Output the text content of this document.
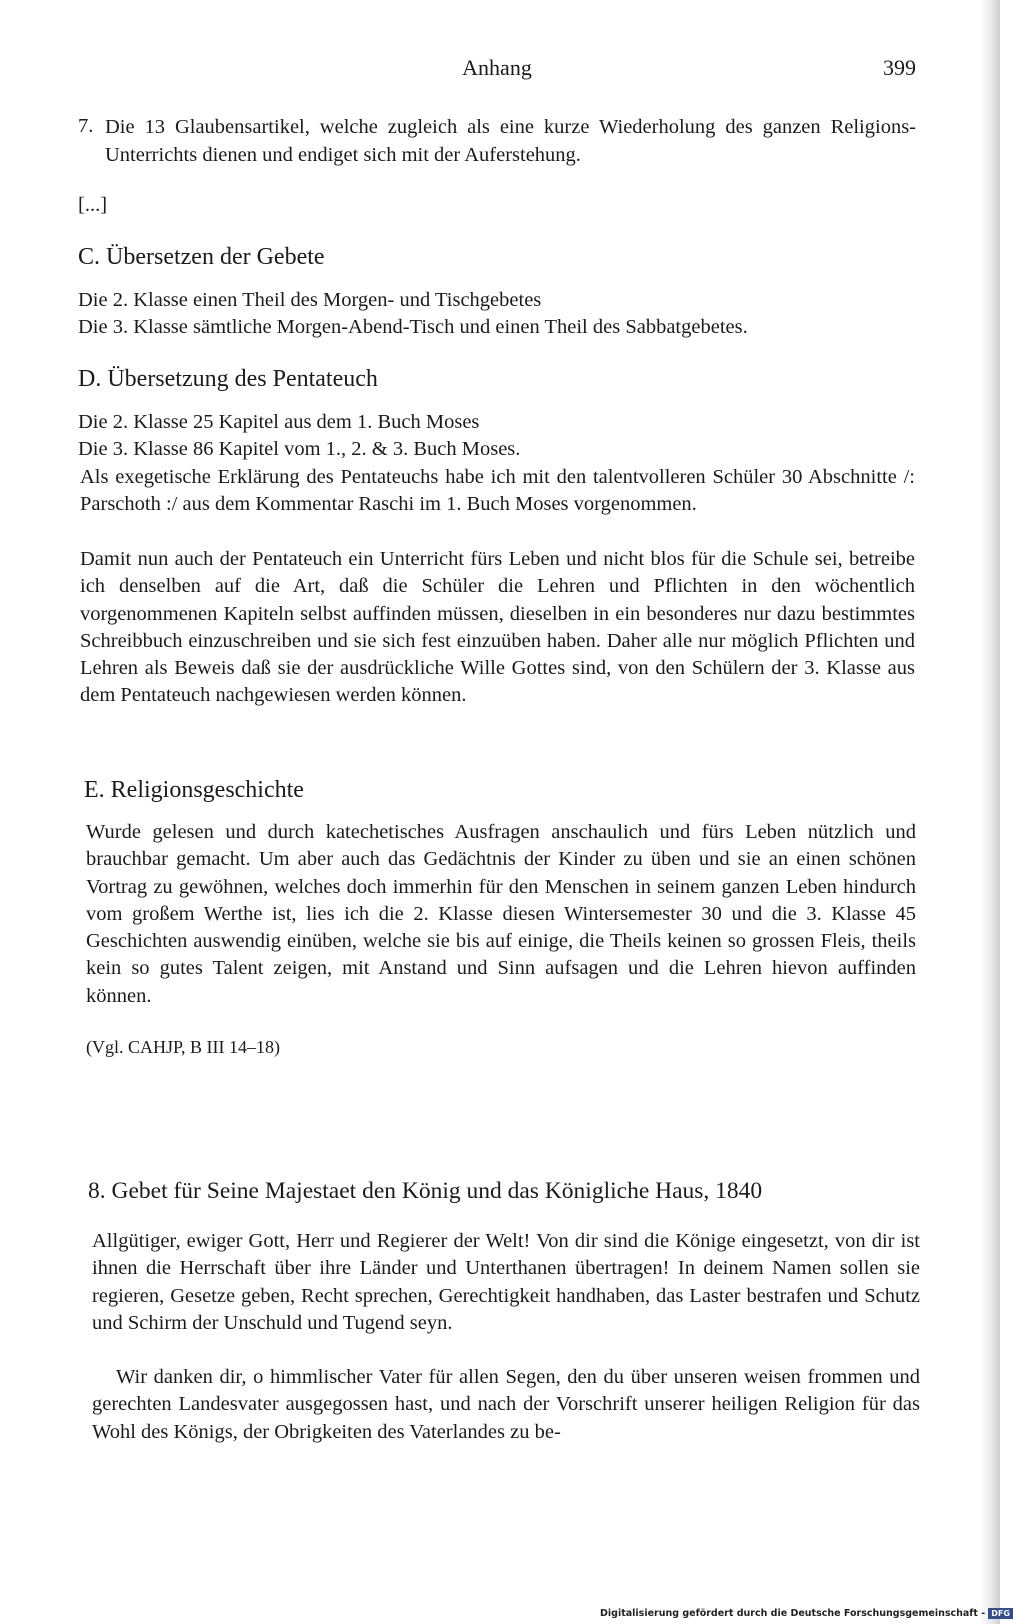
Anhang	399
7. Die 13 Glaubensartikel, welche zugleich als eine kurze Wiederholung des ganzen Religions-Unterrichts dienen und endiget sich mit der Auferstehung.
[...]
C. Übersetzen der Gebete
Die 2. Klasse einen Theil des Morgen- und Tischgebetes
Die 3. Klasse sämtliche Morgen-Abend-Tisch und einen Theil des Sabbatgebetes.
D. Übersetzung des Pentateuch
Die 2. Klasse 25 Kapitel aus dem 1. Buch Moses
Die 3. Klasse 86 Kapitel vom 1., 2. & 3. Buch Moses.
Als exegetische Erklärung des Pentateuchs habe ich mit den talentvolleren Schüler 30 Abschnitte /: Parschoth :/ aus dem Kommentar Raschi im 1. Buch Moses vorgenommen.
Damit nun auch der Pentateuch ein Unterricht fürs Leben und nicht blos für die Schule sei, betreibe ich denselben auf die Art, daß die Schüler die Lehren und Pflichten in den wöchentlich vorgenommenen Kapiteln selbst auffinden müssen, dieselben in ein besonderes nur dazu bestimmtes Schreibbuch einzuschreiben und sie sich fest einzuüben haben. Daher alle nur möglich Pflichten und Lehren als Beweis daß sie der ausdrückliche Wille Gottes sind, von den Schülern der 3. Klasse aus dem Pentateuch nachgewiesen werden können.
E. Religionsgeschichte
Wurde gelesen und durch katechetisches Ausfragen anschaulich und fürs Leben nützlich und brauchbar gemacht. Um aber auch das Gedächtnis der Kinder zu üben und sie an einen schönen Vortrag zu gewöhnen, welches doch immerhin für den Menschen in seinem ganzen Leben hindurch vom großem Werthe ist, lies ich die 2. Klasse diesen Wintersemester 30 und die 3. Klasse 45 Geschichten auswendig einüben, welche sie bis auf einige, die Theils keinen so grossen Fleis, theils kein so gutes Talent zeigen, mit Anstand und Sinn aufsagen und die Lehren hievon auffinden können.
(Vgl. CAHJP, B III 14–18)
8. Gebet für Seine Majestaet den König und das Königliche Haus, 1840
Allgütiger, ewiger Gott, Herr und Regierer der Welt! Von dir sind die Könige eingesetzt, von dir ist ihnen die Herrschaft über ihre Länder und Unterthanen übertragen! In deinem Namen sollen sie regieren, Gesetze geben, Recht sprechen, Gerechtigkeit handhaben, das Laster bestrafen und Schutz und Schirm der Unschuld und Tugend seyn.
Wir danken dir, o himmlischer Vater für allen Segen, den du über unseren weisen frommen und gerechten Landesvater ausgegossen hast, und nach der Vorschrift unserer heiligen Religion für das Wohl des Königs, der Obrigkeiten des Vaterlandes zu be-
Digitalisierung gefördert durch die Deutsche Forschungsgemeinschaft - DFG
